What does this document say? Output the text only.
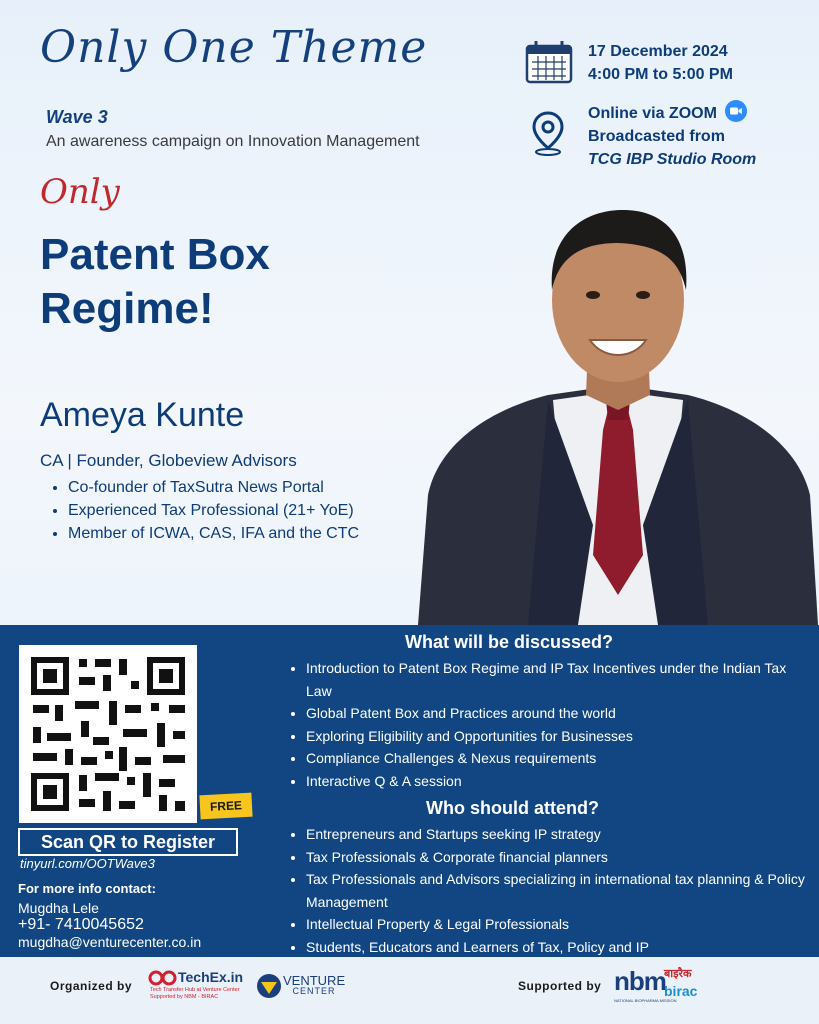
Only One Theme
Wave 3
An awareness campaign on Innovation Management
17 December 2024
4:00 PM to 5:00 PM
Online via ZOOM
Broadcasted from
TCG IBP Studio Room
Only
Patent Box
Regime!
Ameya Kunte
CA | Founder, Globeview Advisors
• Co-founder of TaxSutra News Portal
• Experienced Tax Professional (21+ YoE)
• Member of ICWA, CAS, IFA and the CTC
FREE
Scan QR to Register
tinyurl.com/OOTWave3
For more info contact:
Mugdha Lele
+91- 7410045652
mugdha@venturecenter.co.in
What will be discussed?
• Introduction to Patent Box Regime and IP Tax Incentives under the Indian Tax Law
• Global Patent Box and Practices around the world
• Exploring Eligibility and Opportunities for Businesses
• Compliance Challenges & Nexus requirements
• Interactive Q & A session
Who should attend?
• Entrepreneurs and Startups seeking IP strategy
• Tax Professionals & Corporate financial planners
• Tax Professionals and Advisors specializing in international tax planning & Policy Management
• Intellectual Property & Legal Professionals
• Students, Educators and Learners of Tax, Policy and IP
Organized by
TechEx.in
Tech Transfer Hub at Venture Center
Supported by NBM - BIRAC
VENTURE
CENTER	Supported by nbm
NATIONAL BIOPHARMA MISSION
बाइरैक
birac
